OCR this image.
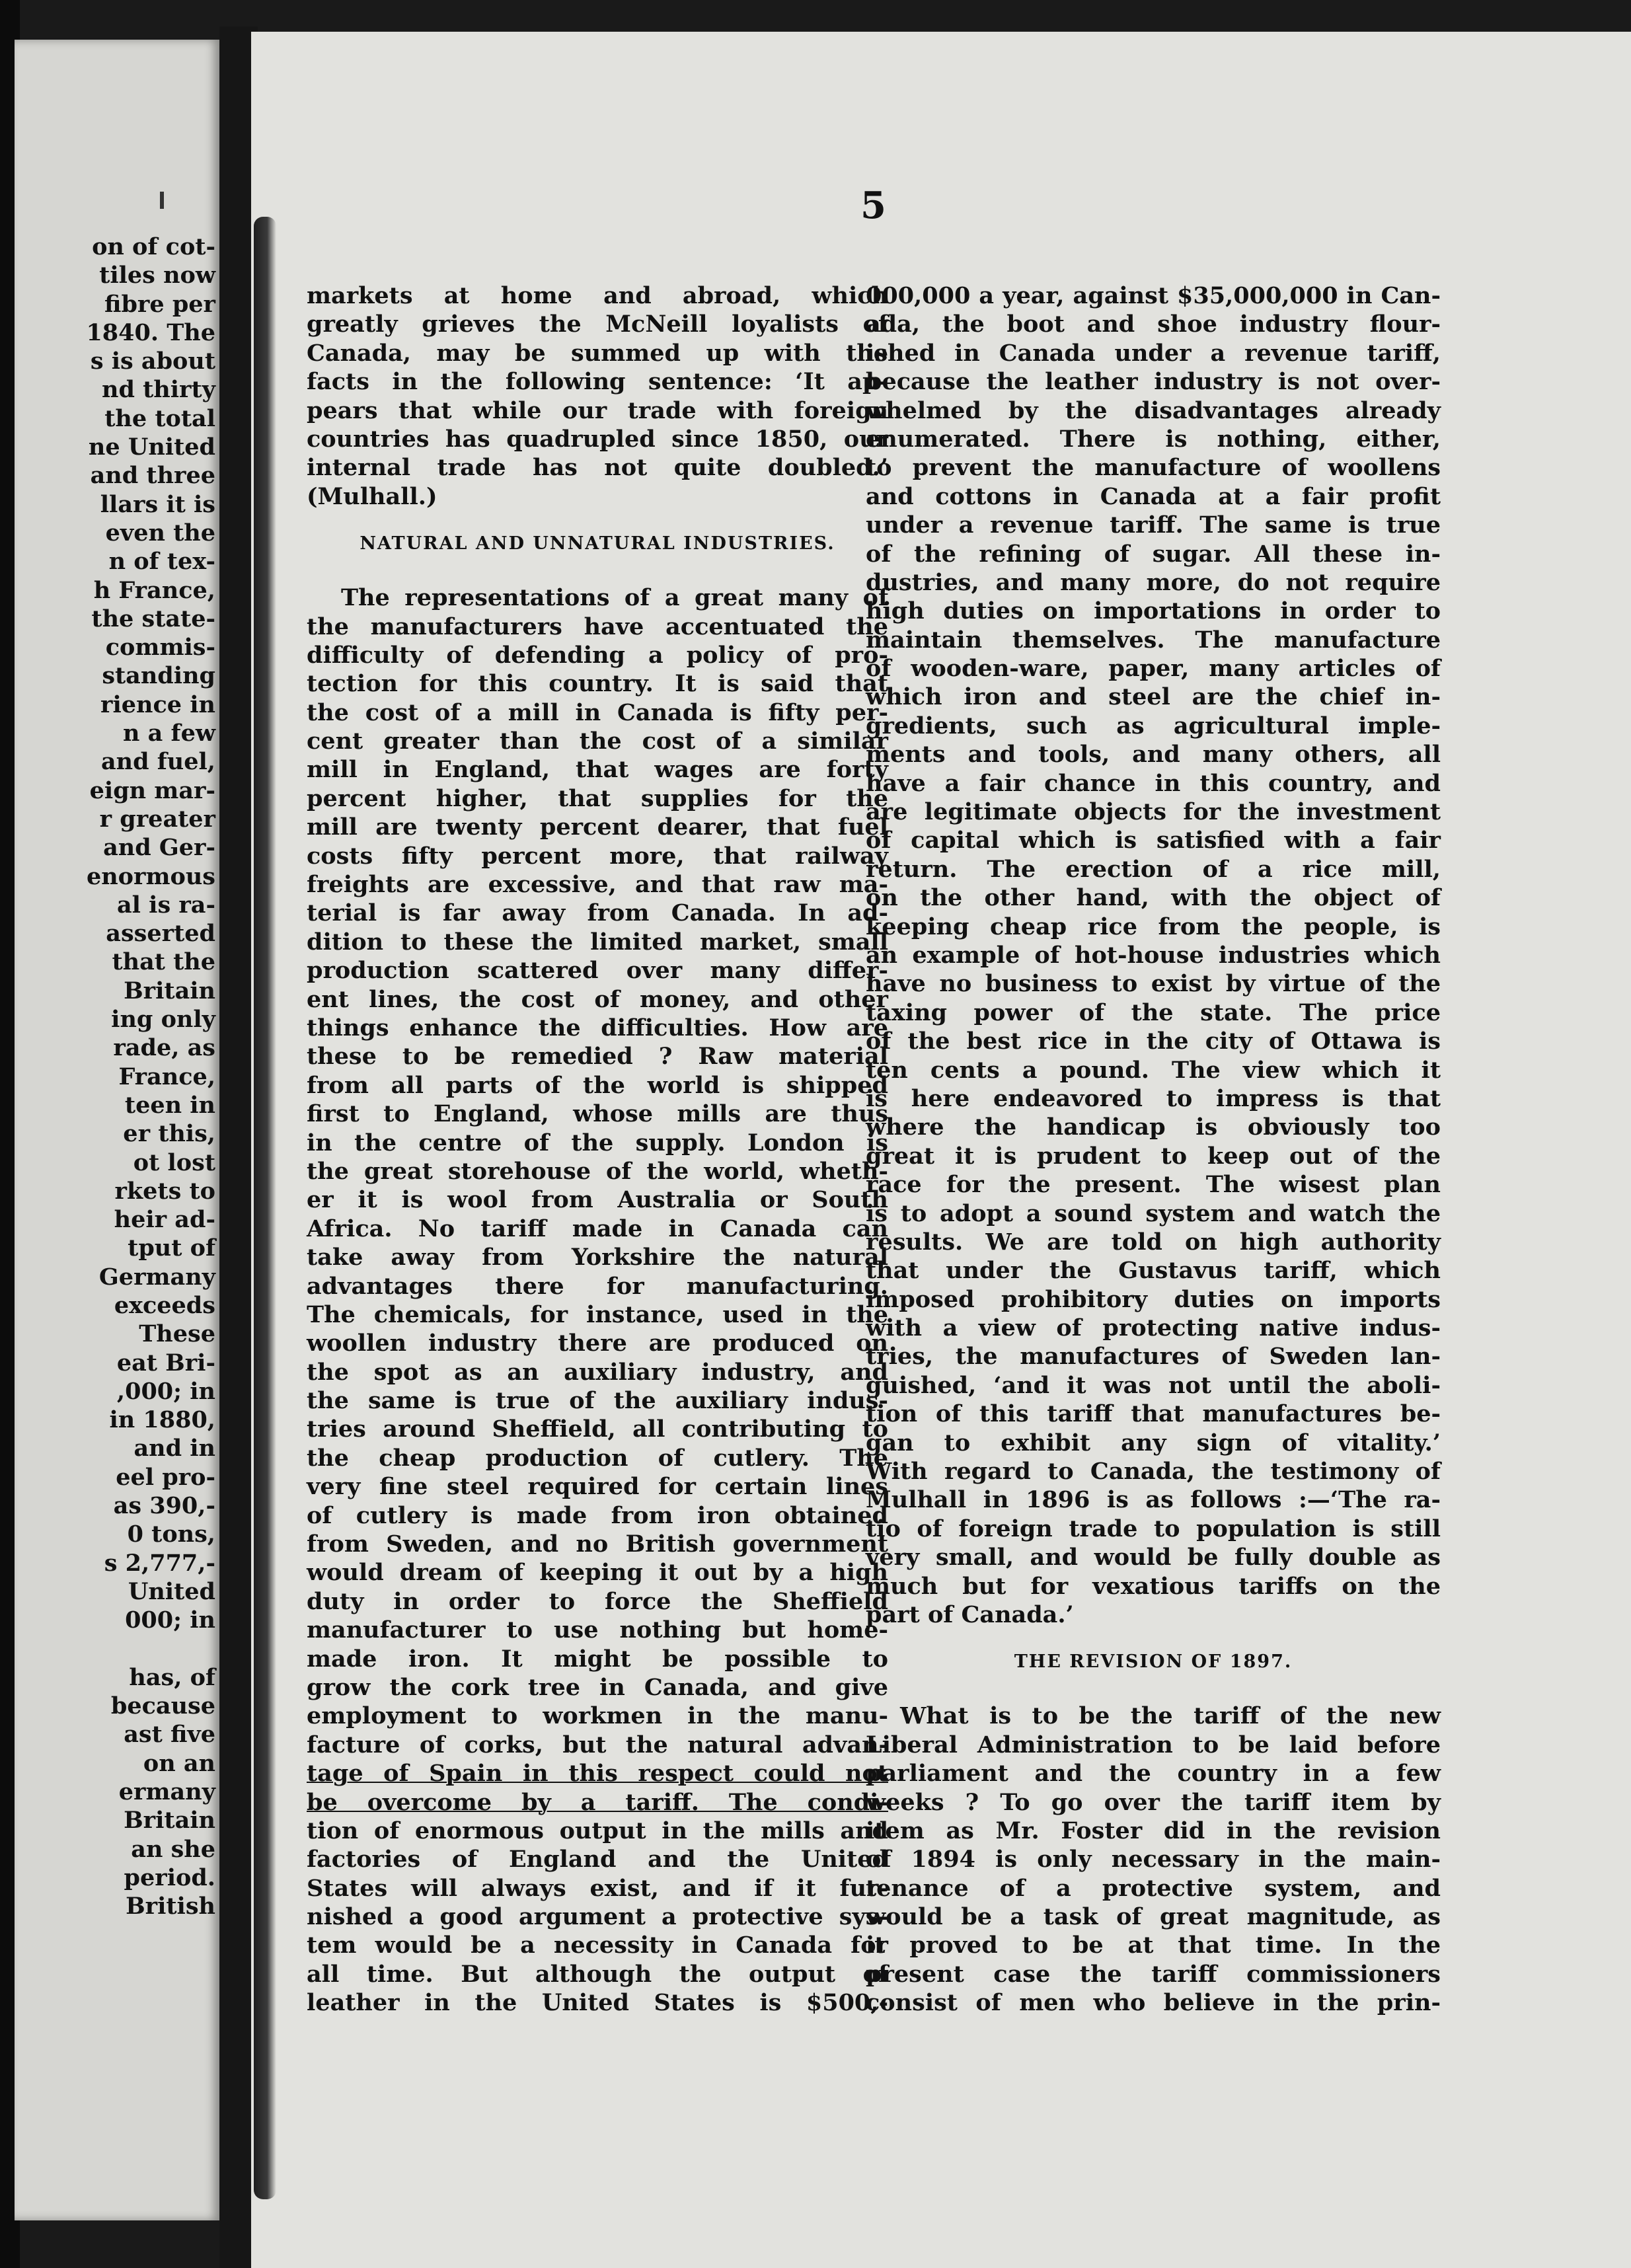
on of cot-
tiles now
fibre per
1840. The
s is about
nd thirty
the total
ne United
and three
llars it is
even the
n of tex-
h France,
the state-
commis-
standing
rience in
n a few
and fuel,
eign mar-
r greater
and Ger-
enormous
al is ra-
asserted
that the
Britain
ing only
rade, as
France,
teen in
er this,
ot lost
rkets to
heir ad-
tput of
Germany
exceeds
These
eat Bri-
,000; in
in 1880,
and in
eel pro-
as 390,-
0 tons,
s 2,777,-
United
000; in
has, of
because
ast five
on an
ermany
Britain
an she
period.
British
5
markets at home and abroad, which
greatly grieves the McNeill loyalists of
Canada, may be summed up with the
facts in the following sentence: ‘It ap-
pears that while our trade with foreign
countries has quadrupled since 1850, our
internal trade has not quite doubled.’
(Mulhall.)
NATURAL AND UNNATURAL INDUSTRIES.
The representations of a great many of
the manufacturers have accentuated the
difficulty of defending a policy of pro-
tection for this country. It is said that
the cost of a mill in Canada is fifty per-
cent greater than the cost of a similar
mill in England, that wages are forty
percent higher, that supplies for the
mill are twenty percent dearer, that fuel
costs fifty percent more, that railway
freights are excessive, and that raw ma-
terial is far away from Canada. In ad-
dition to these the limited market, small
production scattered over many differ-
ent lines, the cost of money, and other
things enhance the difficulties. How are
these to be remedied ? Raw material
from all parts of the world is shipped
first to England, whose mills are thus
in the centre of the supply. London is
the great storehouse of the world, wheth-
er it is wool from Australia or South
Africa. No tariff made in Canada can
take away from Yorkshire the natural
advantages there for manufacturing.
The chemicals, for instance, used in the
woollen industry there are produced on
the spot as an auxiliary industry, and
the same is true of the auxiliary indus-
tries around Sheffield, all contributing to
the cheap production of cutlery. The
very fine steel required for certain lines
of cutlery is made from iron obtained
from Sweden, and no British government
would dream of keeping it out by a high
duty in order to force the Sheffield
manufacturer to use nothing but home-
made iron. It might be possible to
grow the cork tree in Canada, and give
employment to workmen in the manu-
facture of corks, but the natural advan-
tage of Spain in this respect could not
be overcome by a tariff. The condi-
tion of enormous output in the mills and
factories of England and the United
States will always exist, and if it fur-
nished a good argument a protective sys-
tem would be a necessity in Canada for
all time. But although the output of
leather in the United States is $500,-
000,000 a year, against $35,000,000 in Can-
ada, the boot and shoe industry flour-
ished in Canada under a revenue tariff,
because the leather industry is not over-
whelmed by the disadvantages already
enumerated. There is nothing, either,
to prevent the manufacture of woollens
and cottons in Canada at a fair profit
under a revenue tariff. The same is true
of the refining of sugar. All these in-
dustries, and many more, do not require
high duties on importations in order to
maintain themselves. The manufacture
of wooden-ware, paper, many articles of
which iron and steel are the chief in-
gredients, such as agricultural imple-
ments and tools, and many others, all
have a fair chance in this country, and
are legitimate objects for the investment
of capital which is satisfied with a fair
return. The erection of a rice mill,
on the other hand, with the object of
keeping cheap rice from the people, is
an example of hot-house industries which
have no business to exist by virtue of the
taxing power of the state. The price
of the best rice in the city of Ottawa is
ten cents a pound. The view which it
is here endeavored to impress is that
where the handicap is obviously too
great it is prudent to keep out of the
race for the present. The wisest plan
is to adopt a sound system and watch the
results. We are told on high authority
that under the Gustavus tariff, which
imposed prohibitory duties on imports
with a view of protecting native indus-
tries, the manufactures of Sweden lan-
guished, ‘and it was not until the aboli-
tion of this tariff that manufactures be-
gan to exhibit any sign of vitality.’
With regard to Canada, the testimony of
Mulhall in 1896 is as follows :—‘The ra-
tio of foreign trade to population is still
very small, and would be fully double as
much but for vexatious tariffs on the
part of Canada.’
THE REVISION OF 1897.
What is to be the tariff of the new
Liberal Administration to be laid before
parliament and the country in a few
weeks ? To go over the tariff item by
item as Mr. Foster did in the revision
of 1894 is only necessary in the main-
tenance of a protective system, and
would be a task of great magnitude, as
it proved to be at that time. In the
present case the tariff commissioners
consist of men who believe in the prin-
